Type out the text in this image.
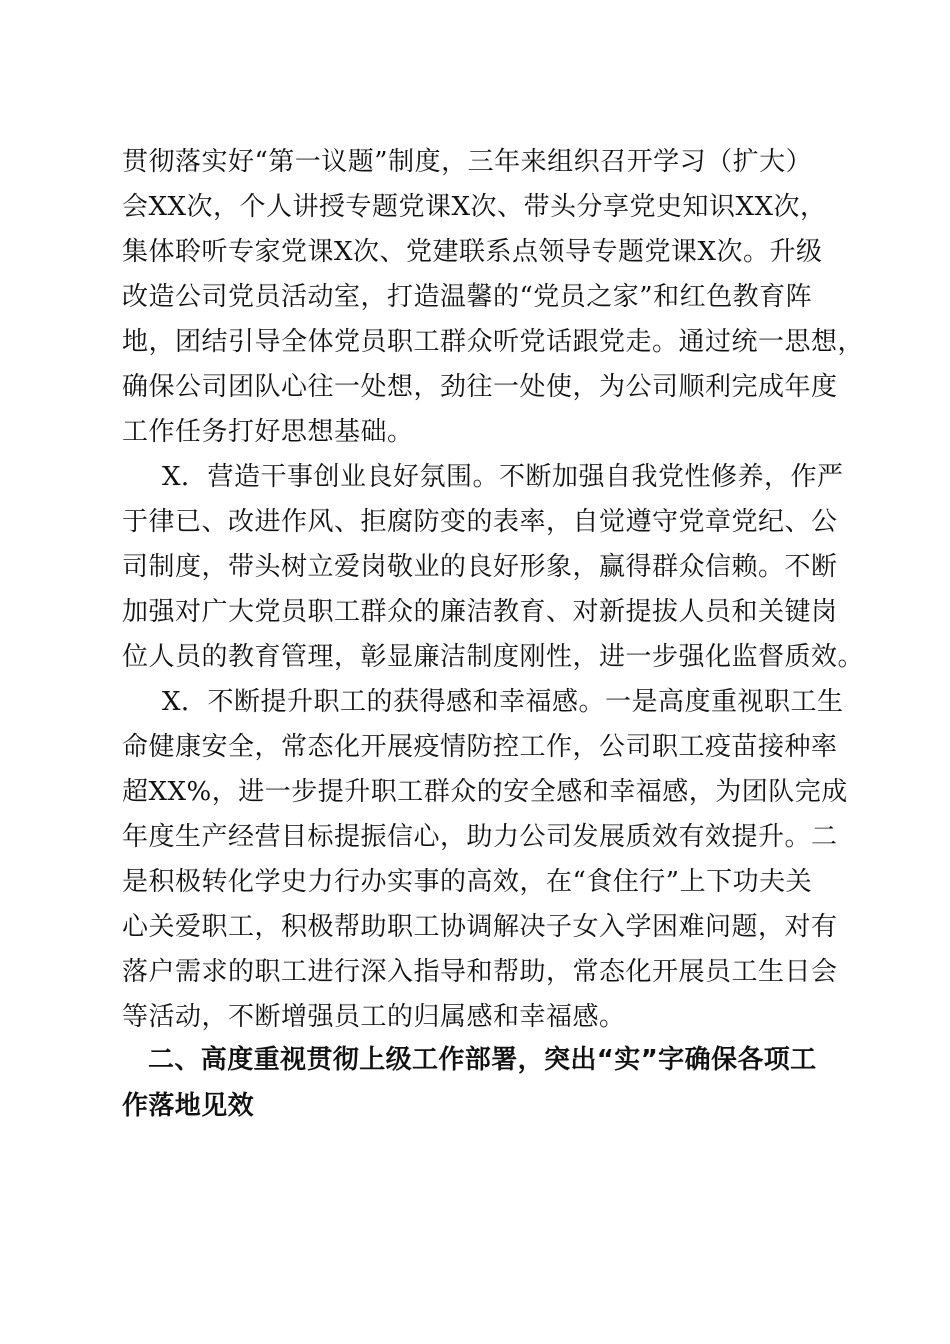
贯彻落实好“第一议题”制度，三年来组织召开学习（扩大）
会XX次，个人讲授专题党课X次、带头分享党史知识XX次，
集体聆听专家党课X次、党建联系点领导专题党课X次。升级
改造公司党员活动室，打造温馨的“党员之家”和红色教育阵
地，团结引导全体党员职工群众听党话跟党走。通过统一思想，
确保公司团队心往一处想，劲往一处使，为公司顺利完成年度
工作任务打好思想基础。
X．营造干事创业良好氛围。不断加强自我党性修养，作严
于律已、改进作风、拒腐防变的表率，自觉遵守党章党纪、公
司制度，带头树立爱岗敬业的良好形象，赢得群众信赖。不断
加强对广大党员职工群众的廉洁教育、对新提拔人员和关键岗
位人员的教育管理，彰显廉洁制度刚性，进一步强化监督质效。
X．不断提升职工的获得感和幸福感。一是高度重视职工生
命健康安全，常态化开展疫情防控工作，公司职工疫苗接种率
超XX%，进一步提升职工群众的安全感和幸福感，为团队完成
年度生产经营目标提振信心，助力公司发展质效有效提升。二
是积极转化学史力行办实事的高效，在“食住行”上下功夫关
心关爱职工，积极帮助职工协调解决子女入学困难问题，对有
落户需求的职工进行深入指导和帮助，常态化开展员工生日会
等活动，不断增强员工的归属感和幸福感。
二、高度重视贯彻上级工作部署，突出“实”字确保各项工
作落地见效
